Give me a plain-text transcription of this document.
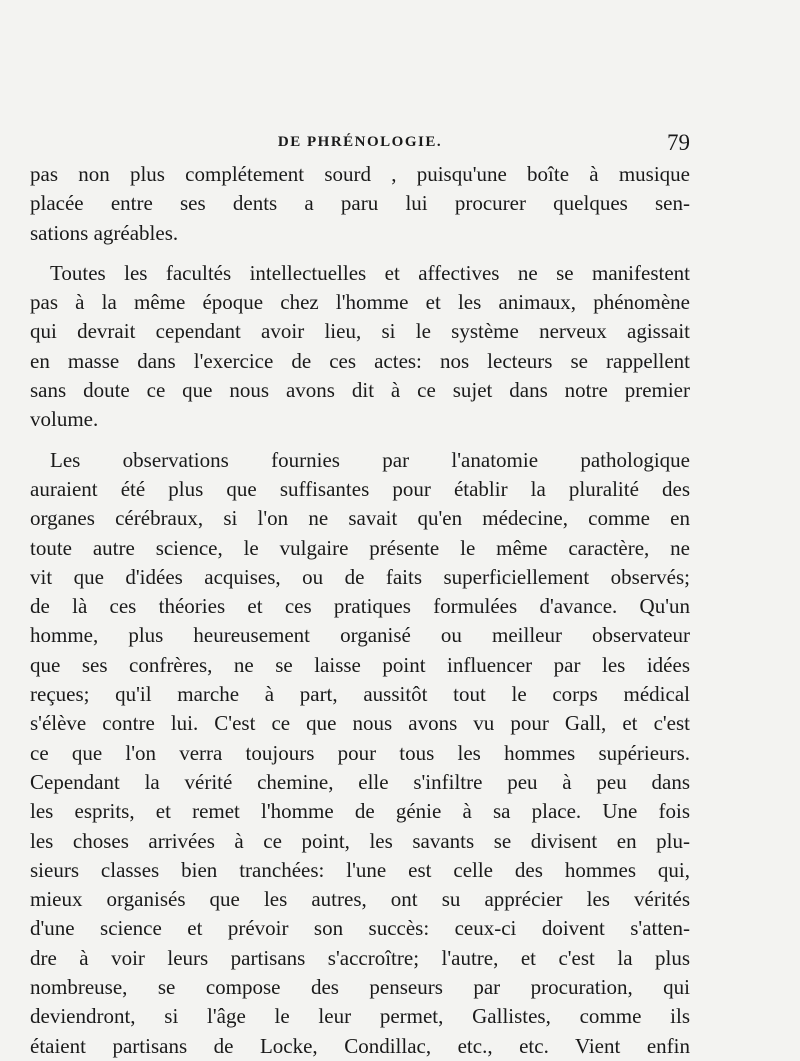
DE PHRÉNOLOGIE.	79
pas non plus complétement sourd , puisqu'une boîte à musique
placée entre ses dents a paru lui procurer quelques sen-
sations agréables.
Toutes les facultés intellectuelles et affectives ne se manifestent
pas à la même époque chez l'homme et les animaux, phénomène
qui devrait cependant avoir lieu, si le système nerveux agissait
en masse dans l'exercice de ces actes: nos lecteurs se rappellent
sans doute ce que nous avons dit à ce sujet dans notre premier
volume.
Les observations fournies par l'anatomie pathologique
auraient été plus que suffisantes pour établir la pluralité des
organes cérébraux, si l'on ne savait qu'en médecine, comme en
toute autre science, le vulgaire présente le même caractère, ne
vit que d'idées acquises, ou de faits superficiellement observés;
de là ces théories et ces pratiques formulées d'avance. Qu'un
homme, plus heureusement organisé ou meilleur observateur
que ses confrères, ne se laisse point influencer par les idées
reçues; qu'il marche à part, aussitôt tout le corps médical
s'élève contre lui. C'est ce que nous avons vu pour Gall, et c'est
ce que l'on verra toujours pour tous les hommes supérieurs.
Cependant la vérité chemine, elle s'infiltre peu à peu dans
les esprits, et remet l'homme de génie à sa place. Une fois
les choses arrivées à ce point, les savants se divisent en plu-
sieurs classes bien tranchées: l'une est celle des hommes qui,
mieux organisés que les autres, ont su apprécier les vérités
d'une science et prévoir son succès: ceux-ci doivent s'atten-
dre à voir leurs partisans s'accroître; l'autre, et c'est la plus
nombreuse, se compose des penseurs par procuration, qui
deviendront, si l'âge le leur permet, Gallistes, comme ils
étaient partisans de Locke, Condillac, etc., etc. Vient enfin
